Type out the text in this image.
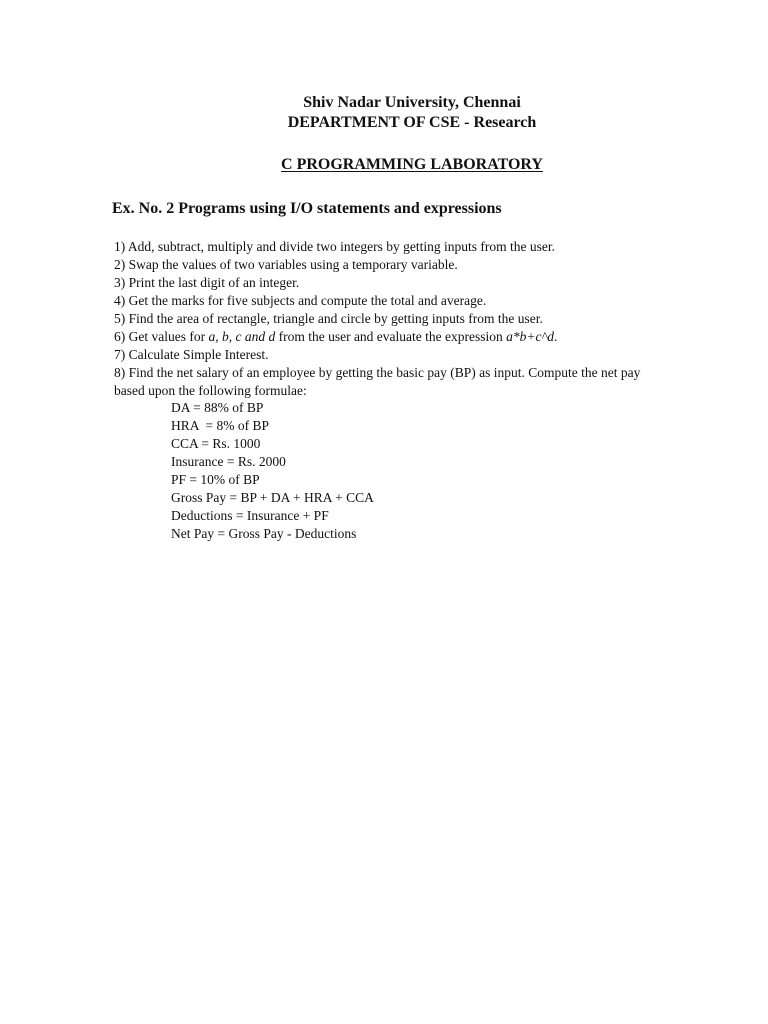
Shiv Nadar University, Chennai
DEPARTMENT OF CSE - Research
C PROGRAMMING LABORATORY
Ex. No. 2 Programs using I/O statements and expressions
1) Add, subtract, multiply and divide two integers by getting inputs from the user.
2) Swap the values of two variables using a temporary variable.
3) Print the last digit of an integer.
4) Get the marks for five subjects and compute the total and average.
5) Find the area of rectangle, triangle and circle by getting inputs from the user.
6) Get values for a, b, c and d from the user and evaluate the expression a*b+c^d.
7) Calculate Simple Interest.
8) Find the net salary of an employee by getting the basic pay (BP) as input. Compute the net pay
based upon the following formulae:
DA = 88% of BP
HRA  = 8% of BP
CCA = Rs. 1000
Insurance = Rs. 2000
PF = 10% of BP
Gross Pay = BP + DA + HRA + CCA
Deductions = Insurance + PF
Net Pay = Gross Pay - Deductions
